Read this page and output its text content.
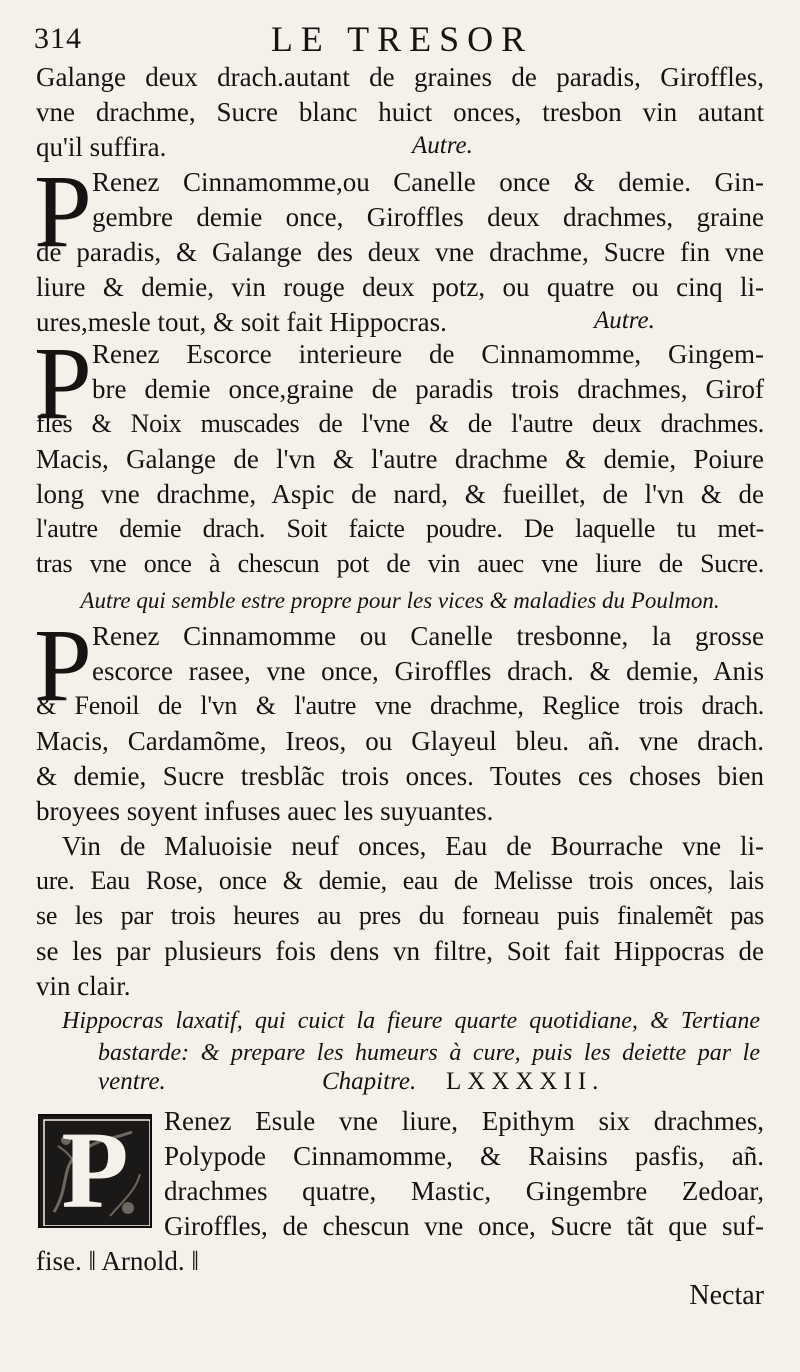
314	LE TRESOR
Galange deux drach.autant de graines de paradis, Giroffles,
vne drachme, Sucre blanc huict onces, tresbon vin autant
qu'il suffira.	Autre.
P Renez Cinnamomme,ou Canelle once & demie. Gin-
gembre demie once, Giroffles deux drachmes, graine
de paradis, & Galange des deux vne drachme, Sucre fin vne
liure & demie, vin rouge deux potz, ou quatre ou cinq li-
ures,mesle tout, & soit fait Hippocras.	Autre.
P Renez Escorce interieure de Cinnamomme, Gingem-
bre demie once,graine de paradis trois drachmes, Girof
fles & Noix muscades de l'vne & de l'autre deux drachmes.
Macis, Galange de l'vn & l'autre drachme & demie, Poiure
long vne drachme, Aspic de nard, & fueillet, de l'vn & de
l'autre demie drach. Soit faicte poudre. De laquelle tu met-
tras vne once à chescun pot de vin auec vne liure de Sucre.
Autre qui semble estre propre pour les vices & maladies du Poulmon.
P Renez Cinnamomme ou Canelle tresbonne, la grosse
escorce rasee, vne once, Giroffles drach. & demie, Anis
& Fenoil de l'vn & l'autre vne drachme, Reglice trois drach.
Macis, Cardamõme, Ireos, ou Glayeul bleu. añ. vne drach.
& demie, Sucre tresblãc trois onces. Toutes ces choses bien
broyees soyent infuses auec les suyuantes.
Vin de Maluoisie neuf onces, Eau de Bourrache vne li-
ure. Eau Rose, once & demie, eau de Melisse trois onces, lais
se les par trois heures au pres du forneau puis finalemẽt pas
se les par plusieurs fois dens vn filtre, Soit fait Hippocras de
vin clair.
Hippocras laxatif, qui cuict la fieure quarte quotidiane, & Tertiane
bastarde: & prepare les humeurs à cure, puis les deiette par le
ventre.	Chapitre. LXXXXII.
P	Renez Esule vne liure, Epithym six drachmes,
Polypode Cinnamomme, & Raisins pasfis, añ.
drachmes quatre, Mastic, Gingembre Zedoar,
Giroffles, de chescun vne once, Sucre tãt que suf-
fise. ‖ Arnold. ‖
Nectar
